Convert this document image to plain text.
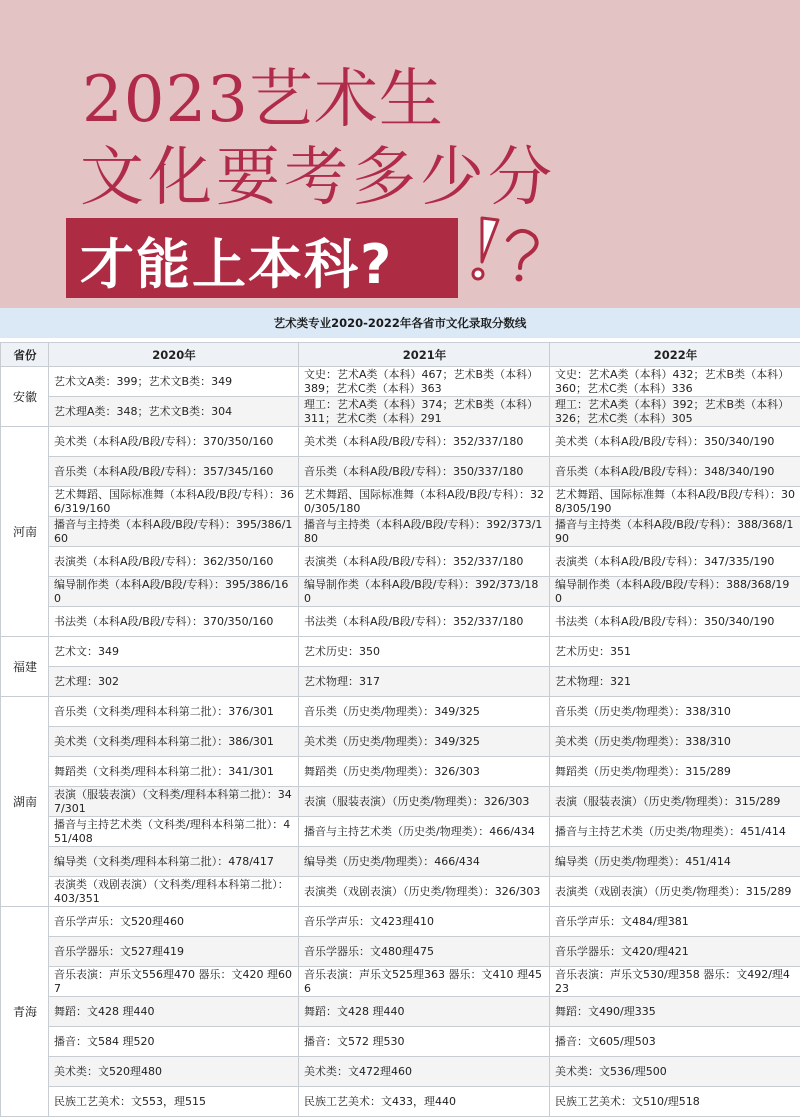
2023艺术生
文化要考多少分
才能上本科?
艺术类专业2020-2022年各省市文化录取分数线
省份	2020年	2021年	2022年
安徽	艺术文A类：399；艺术文B类：349	文史：艺术A类（本科）467；艺术B类（本科）389；艺术C类（本科）363	文史：艺术A类（本科）432；艺术B类（本科）360；艺术C类（本科）336
	艺术理A类：348；艺术文B类：304	理工：艺术A类（本科）374；艺术B类（本科）311；艺术C类（本科）291	理工：艺术A类（本科）392；艺术B类（本科）326；艺术C类（本科）305
河南	美术类（本科A段/B段/专科）：370/350/160	美术类（本科A段/B段/专科）：352/337/180	美术类（本科A段/B段/专科）：350/340/190
	音乐类（本科A段/B段/专科）：357/345/160	音乐类（本科A段/B段/专科）：350/337/180	音乐类（本科A段/B段/专科）：348/340/190
	艺术舞蹈、国际标准舞（本科A段/B段/专科）：366/319/160	艺术舞蹈、国际标准舞（本科A段/B段/专科）：320/305/180	艺术舞蹈、国际标准舞（本科A段/B段/专科）：308/305/190
	播音与主持类（本科A段/B段/专科）：395/386/160	播音与主持类（本科A段/B段/专科）：392/373/180	播音与主持类（本科A段/B段/专科）：388/368/190
	表演类（本科A段/B段/专科）：362/350/160	表演类（本科A段/B段/专科）：352/337/180	表演类（本科A段/B段/专科）：347/335/190
	编导制作类（本科A段/B段/专科）：395/386/160	编导制作类（本科A段/B段/专科）：392/373/180	编导制作类（本科A段/B段/专科）：388/368/190
	书法类（本科A段/B段/专科）：370/350/160	书法类（本科A段/B段/专科）：352/337/180	书法类（本科A段/B段/专科）：350/340/190
福建	艺术文：349	艺术历史：350	艺术历史：351
	艺术理：302	艺术物理：317	艺术物理：321
湖南	音乐类（文科类/理科本科第二批）：376/301	音乐类（历史类/物理类）：349/325	音乐类（历史类/物理类）：338/310
	美术类（文科类/理科本科第二批）：386/301	美术类（历史类/物理类）：349/325	美术类（历史类/物理类）：338/310
	舞蹈类（文科类/理科本科第二批）：341/301	舞蹈类（历史类/物理类）：326/303	舞蹈类（历史类/物理类）：315/289
	表演（服装表演）（文科类/理科本科第二批）：347/301	表演（服装表演）（历史类/物理类）：326/303	表演（服装表演）（历史类/物理类）：315/289
	播音与主持艺术类（文科类/理科本科第二批）：451/408	播音与主持艺术类（历史类/物理类）：466/434	播音与主持艺术类（历史类/物理类）：451/414
	编导类（文科类/理科本科第二批）：478/417	编导类（历史类/物理类）：466/434	编导类（历史类/物理类）：451/414
	表演类（戏剧表演）（文科类/理科本科第二批）：403/351	表演类（戏剧表演）（历史类/物理类）：326/303	表演类（戏剧表演）（历史类/物理类）：315/289
青海	音乐学声乐：文520理460	音乐学声乐：文423理410	音乐学声乐：文484/理381
	音乐学器乐：文527理419	音乐学器乐：文480理475	音乐学器乐：文420/理421
	音乐表演：声乐文556理470 器乐：文420 理607	音乐表演：声乐文525理363 器乐：文410 理456	音乐表演：声乐文530/理358 器乐：文492/理423
	舞蹈：文428 理440	舞蹈：文428 理440	舞蹈：文490/理335
	播音：文584 理520	播音：文572 理530	播音：文605/理503
	美术类：文520理480	美术类：文472理460	美术类：文536/理500
	民族工艺美术：文553，理515	民族工艺美术：文433，理440	民族工艺美术：文510/理518
